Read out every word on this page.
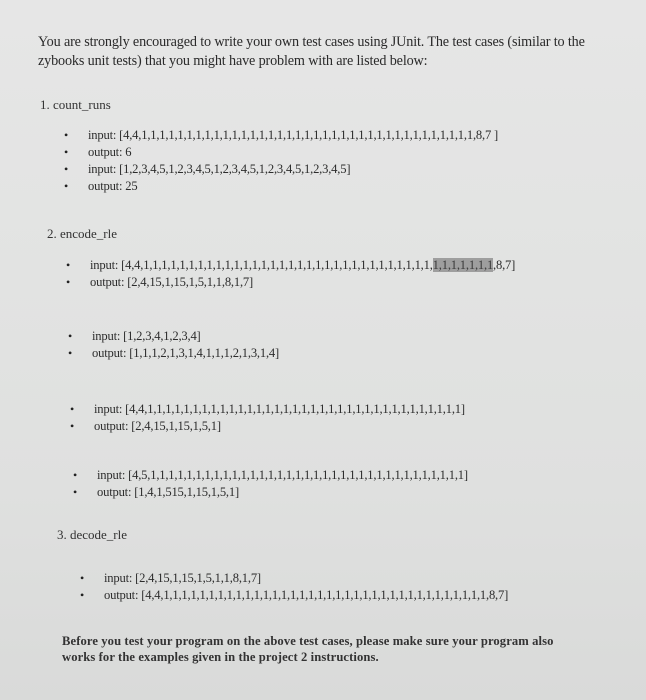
You are strongly encouraged to write your own test cases using JUnit. The test cases (similar to the zybooks unit tests) that you might have problem with are listed below:

1. count_runs
• input: [4,4,1,1,1,1,1,1,1,1,1,1,1,1,1,1,1,1,1,1,1,1,1,1,1,1,1,1,1,1,1,1,1,1,1,1,1,1,1,8,7 ]
• output: 6
• input: [1,2,3,4,5,1,2,3,4,5,1,2,3,4,5,1,2,3,4,5,1,2,3,4,5]
• output: 25
2. encode_rle
• input: [4,4,1,1,1,1,1,1,1,1,1,1,1,1,1,1,1,1,1,1,1,1,1,1,1,1,1,1,1,1,1,1,1,1,1,1,1,1,1,1,1,8,7]
• output: [2,4,15,1,15,1,5,1,1,8,1,7]
• input: [1,2,3,4,1,2,3,4]
• output: [1,1,1,2,1,3,1,4,1,1,1,2,1,3,1,4]
• input: [4,4,1,1,1,1,1,1,1,1,1,1,1,1,1,1,1,1,1,1,1,1,1,1,1,1,1,1,1,1,1,1,1,1,1,1,1]
• output: [2,4,15,1,15,1,5,1]
• input: [4,5,1,1,1,1,1,1,1,1,1,1,1,1,1,1,1,1,1,1,1,1,1,1,1,1,1,1,1,1,1,1,1,1,1,1,1]
• output: [1,4,1,515,1,15,1,5,1]
3. decode_rle
• input: [2,4,15,1,15,1,5,1,1,8,1,7]
• output: [4,4,1,1,1,1,1,1,1,1,1,1,1,1,1,1,1,1,1,1,1,1,1,1,1,1,1,1,1,1,1,1,1,1,1,1,1,1,8,7]

Before you test your program on the above test cases, please make sure your program also works for the examples given in the project 2 instructions.
